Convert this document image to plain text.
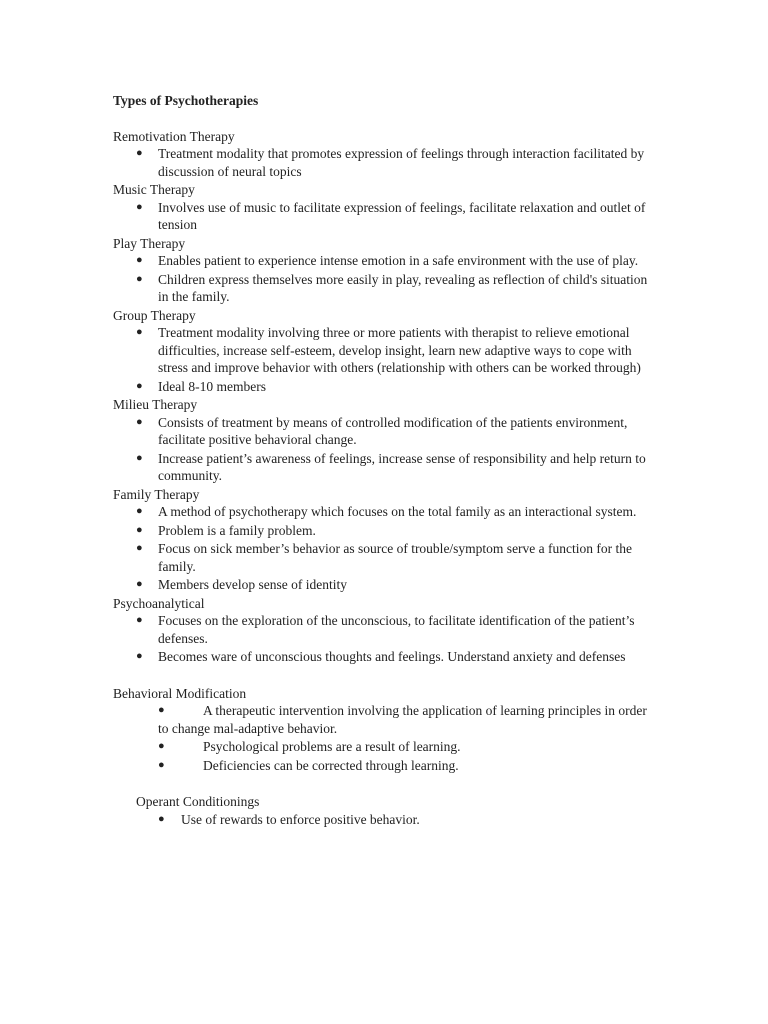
Types of Psychotherapies

Remotivation Therapy

● Treatment modality that promotes expression of feelings through interaction facilitated by discussion of neural topics

Music Therapy

● Involves use of music to facilitate expression of feelings, facilitate relaxation and outlet of tension

Play Therapy

● Enables patient to experience intense emotion in a safe environment with the use of play.
● Children express themselves more easily in play, revealing as reflection of child's situation in the family.

Group Therapy

● Treatment modality involving three or more patients with therapist to relieve emotional difficulties, increase self-esteem, develop insight, learn new adaptive ways to cope with stress and improve behavior with others (relationship with others can be worked through)
● Ideal 8-10 members

Milieu Therapy

● Consists of treatment by means of controlled modification of the patients environment, facilitate positive behavioral change.
● Increase patient’s awareness of feelings, increase sense of responsibility and help return to community.

Family Therapy

● A method of psychotherapy which focuses on the total family as an interactional system.
● Problem is a family problem.
● Focus on sick member’s behavior as source of trouble/symptom serve a function for the family.
● Members develop sense of identity

Psychoanalytical

● Focuses on the exploration of the unconscious, to facilitate identification of the patient’s defenses.
● Becomes ware of unconscious thoughts and feelings. Understand anxiety and defenses

Behavioral Modification

●	A therapeutic intervention involving the application of learning principles in order to change mal-adaptive behavior.
●	Psychological problems are a result of learning.
●	Deficiencies can be corrected through learning.

Operant Conditionings

● Use of rewards to enforce positive behavior.
